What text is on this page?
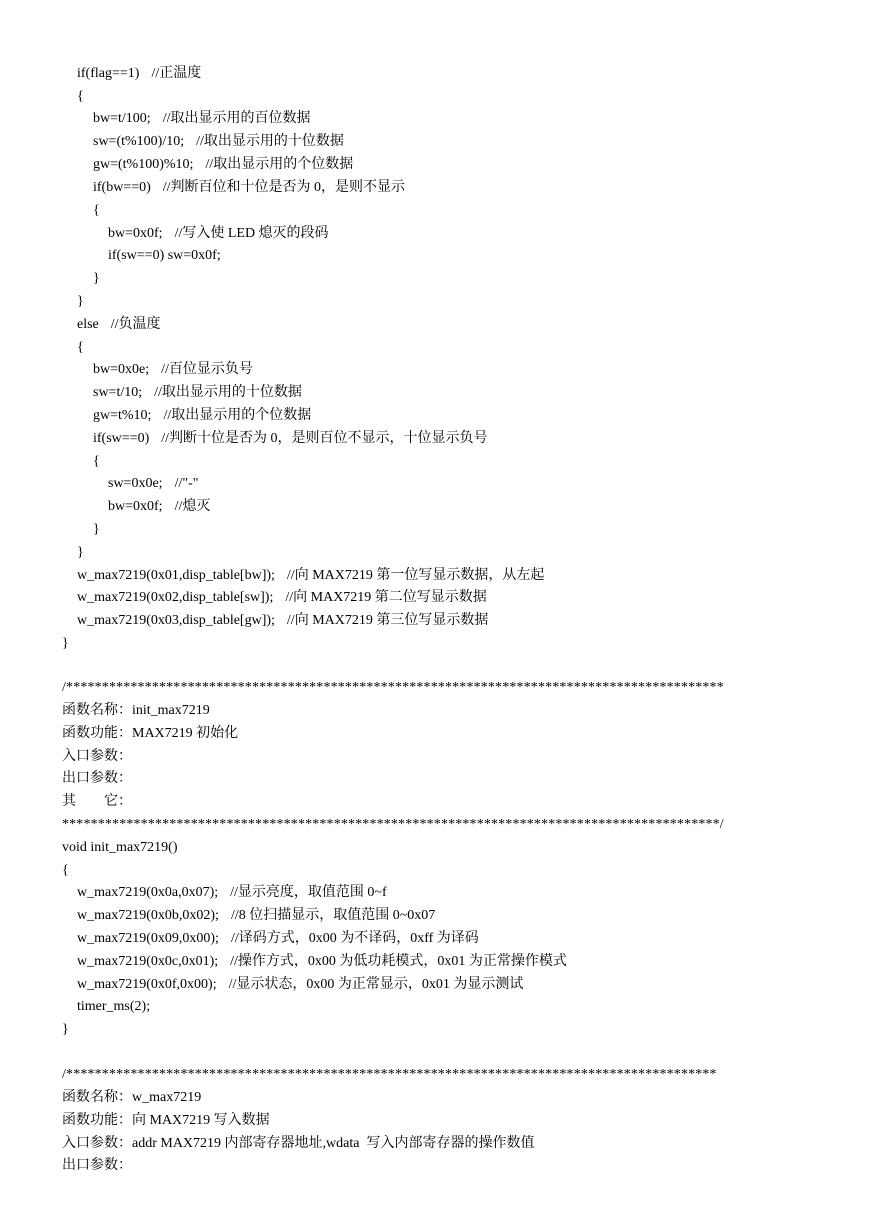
if(flag==1) //正温度
{
bw=t/100; //取出显示用的百位数据
sw=(t%100)/10; //取出显示用的十位数据
gw=(t%100)%10; //取出显示用的个位数据
if(bw==0) //判断百位和十位是否为 0，是则不显示
{
bw=0x0f; //写入使 LED 熄灭的段码
if(sw==0) sw=0x0f;
}
}
else //负温度
{
bw=0x0e; //百位显示负号
sw=t/10; //取出显示用的十位数据
gw=t%10; //取出显示用的个位数据
if(sw==0) //判断十位是否为 0，是则百位不显示，十位显示负号
{
sw=0x0e; //"-"
bw=0x0f; //熄灭
}
}
w_max7219(0x01,disp_table[bw]); //向 MAX7219 第一位写显示数据，从左起
w_max7219(0x02,disp_table[sw]); //向 MAX7219 第二位写显示数据
w_max7219(0x03,disp_table[gw]); //向 MAX7219 第三位写显示数据
}
/********************************************************************************************
函数名称：init_max7219
函数功能：MAX7219 初始化
入口参数：
出口参数：
其　　它：
********************************************************************************************/
void init_max7219()
{
w_max7219(0x0a,0x07); //显示亮度，取值范围 0~f
w_max7219(0x0b,0x02); //8 位扫描显示，取值范围 0~0x07
w_max7219(0x09,0x00); //译码方式，0x00 为不译码，0xff 为译码
w_max7219(0x0c,0x01); //操作方式，0x00 为低功耗模式，0x01 为正常操作模式
w_max7219(0x0f,0x00); //显示状态，0x00 为正常显示，0x01 为显示测试
timer_ms(2);
}
/*******************************************************************************************
函数名称：w_max7219
函数功能：向 MAX7219 写入数据
入口参数：addr MAX7219 内部寄存器地址,wdata  写入内部寄存器的操作数值
出口参数：
